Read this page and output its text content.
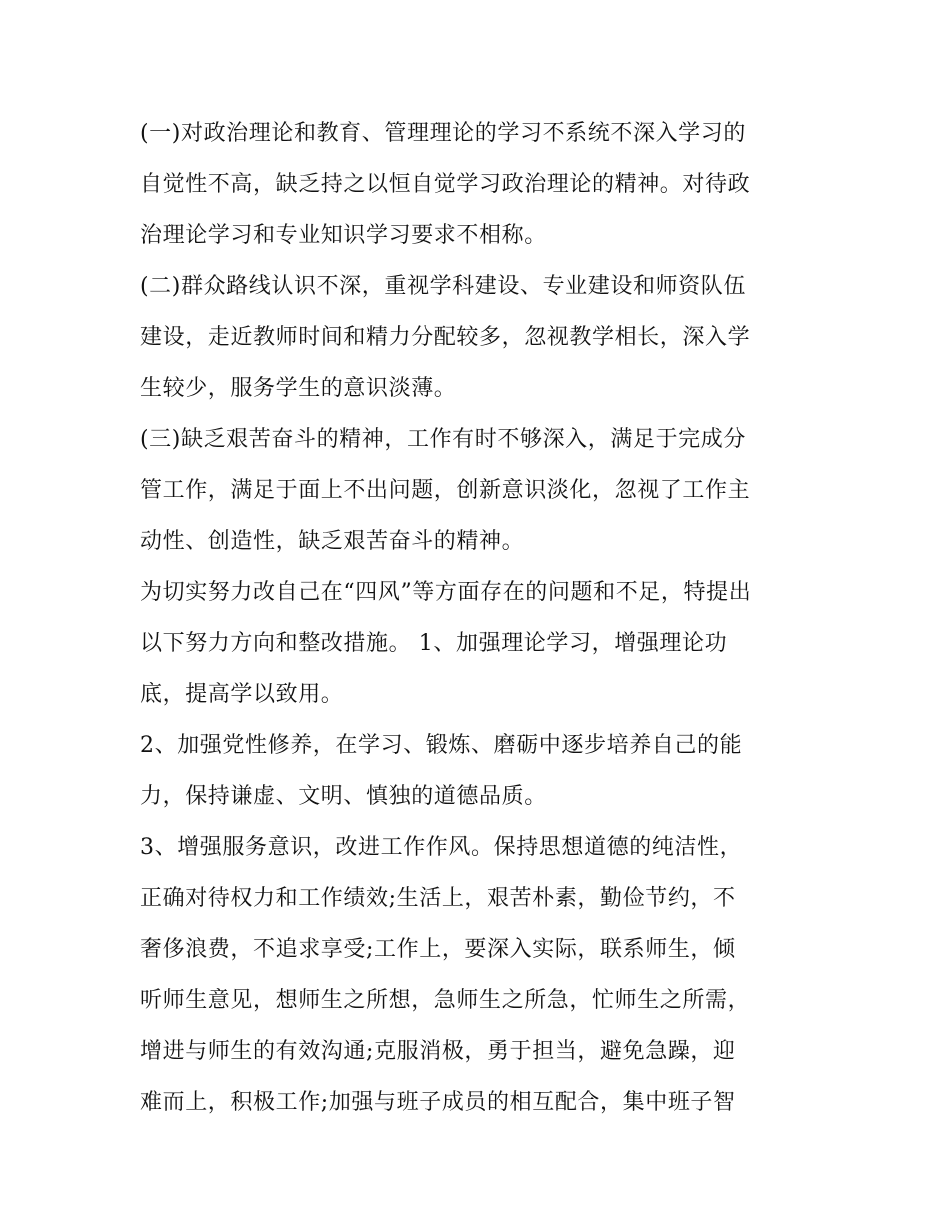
(一)对政治理论和教育、管理理论的学习不系统不深入学习的
自觉性不高，缺乏持之以恒自觉学习政治理论的精神。对待政
治理论学习和专业知识学习要求不相称。
(二)群众路线认识不深，重视学科建设、专业建设和师资队伍
建设，走近教师时间和精力分配较多，忽视教学相长，深入学
生较少，服务学生的意识淡薄。
(三)缺乏艰苦奋斗的精神，工作有时不够深入，满足于完成分
管工作，满足于面上不出问题，创新意识淡化，忽视了工作主
动性、创造性，缺乏艰苦奋斗的精神。
为切实努力改自己在“四风”等方面存在的问题和不足，特提出
以下努力方向和整改措施。 1、加强理论学习，增强理论功
底，提高学以致用。
2、加强党性修养，在学习、锻炼、磨砺中逐步培养自己的能
力，保持谦虚、文明、慎独的道德品质。
3、增强服务意识，改进工作作风。保持思想道德的纯洁性，
正确对待权力和工作绩效;生活上，艰苦朴素，勤俭节约，不
奢侈浪费，不追求享受;工作上，要深入实际，联系师生，倾
听师生意见，想师生之所想，急师生之所急，忙师生之所需，
增进与师生的有效沟通;克服消极，勇于担当，避免急躁，迎
难而上，积极工作;加强与班子成员的相互配合，集中班子智
